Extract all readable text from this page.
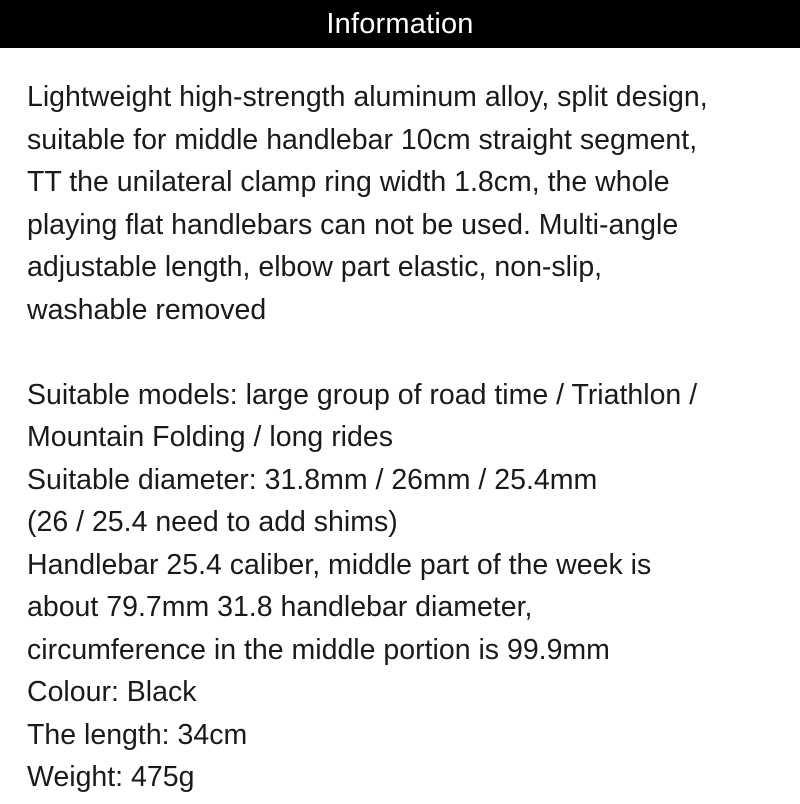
Information
Lightweight high-strength aluminum alloy, split design,
suitable for middle handlebar 10cm straight segment,
TT the unilateral clamp ring width 1.8cm, the whole
playing flat handlebars can not be used. Multi-angle
adjustable length, elbow part elastic, non-slip,
washable removed
Suitable models: large group of road time / Triathlon /
Mountain Folding / long rides
Suitable diameter: 31.8mm / 26mm / 25.4mm
(26 / 25.4 need to add shims)
Handlebar 25.4 caliber, middle part of the week is
about 79.7mm 31.8 handlebar diameter,
circumference in the middle portion is 99.9mm
Colour: Black
The length: 34cm
Weight: 475g
